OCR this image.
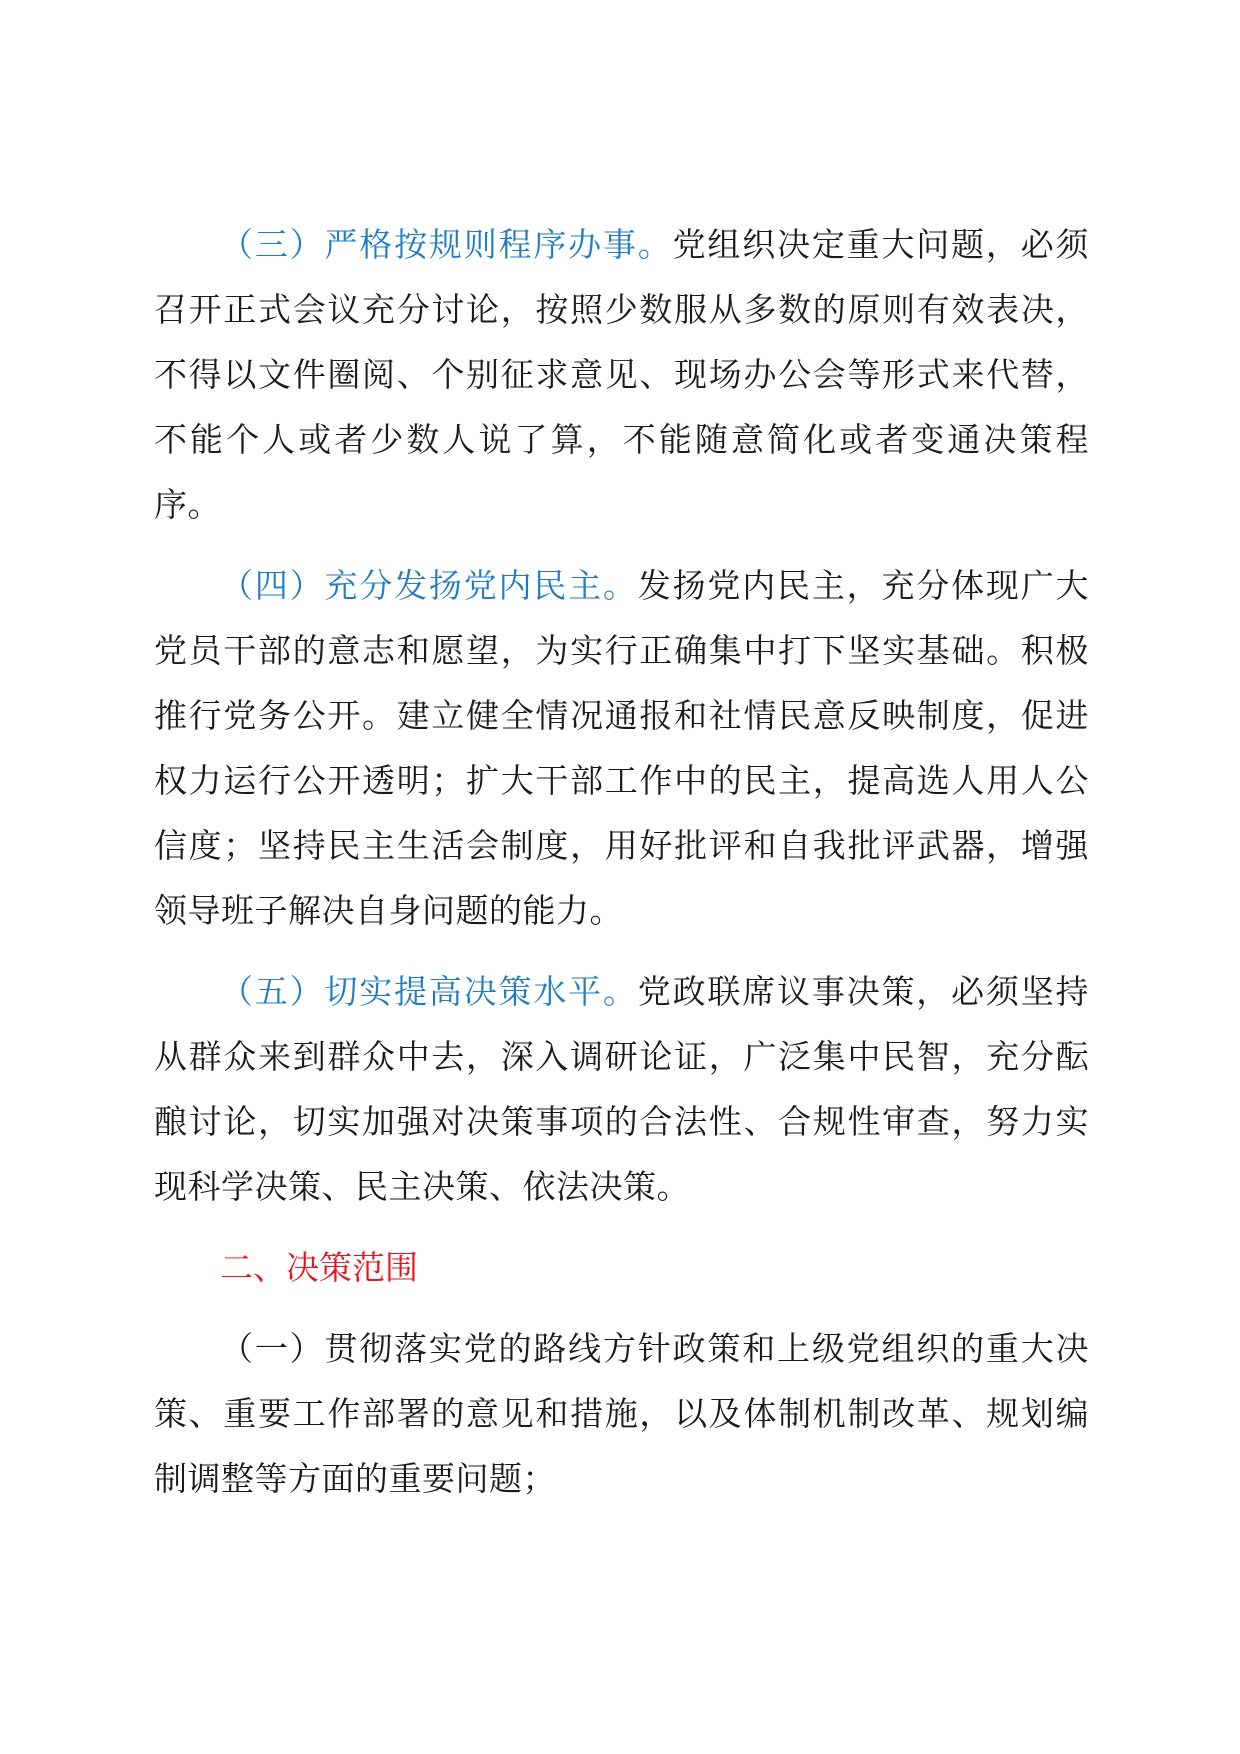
（三）严格按规则程序办事。党组织决定重大问题，必须召开正式会议充分讨论，按照少数服从多数的原则有效表决，不得以文件圈阅、个别征求意见、现场办公会等形式来代替，不能个人或者少数人说了算，不能随意简化或者变通决策程序。

（四）充分发扬党内民主。发扬党内民主，充分体现广大党员干部的意志和愿望，为实行正确集中打下坚实基础。积极推行党务公开。建立健全情况通报和社情民意反映制度，促进权力运行公开透明；扩大干部工作中的民主，提高选人用人公信度；坚持民主生活会制度，用好批评和自我批评武器，增强领导班子解决自身问题的能力。

（五）切实提高决策水平。党政联席议事决策，必须坚持从群众来到群众中去，深入调研论证，广泛集中民智，充分酝酿讨论，切实加强对决策事项的合法性、合规性审查，努力实现科学决策、民主决策、依法决策。

二、决策范围

（一）贯彻落实党的路线方针政策和上级党组织的重大决策、重要工作部署的意见和措施，以及体制机制改革、规划编制调整等方面的重要问题；
